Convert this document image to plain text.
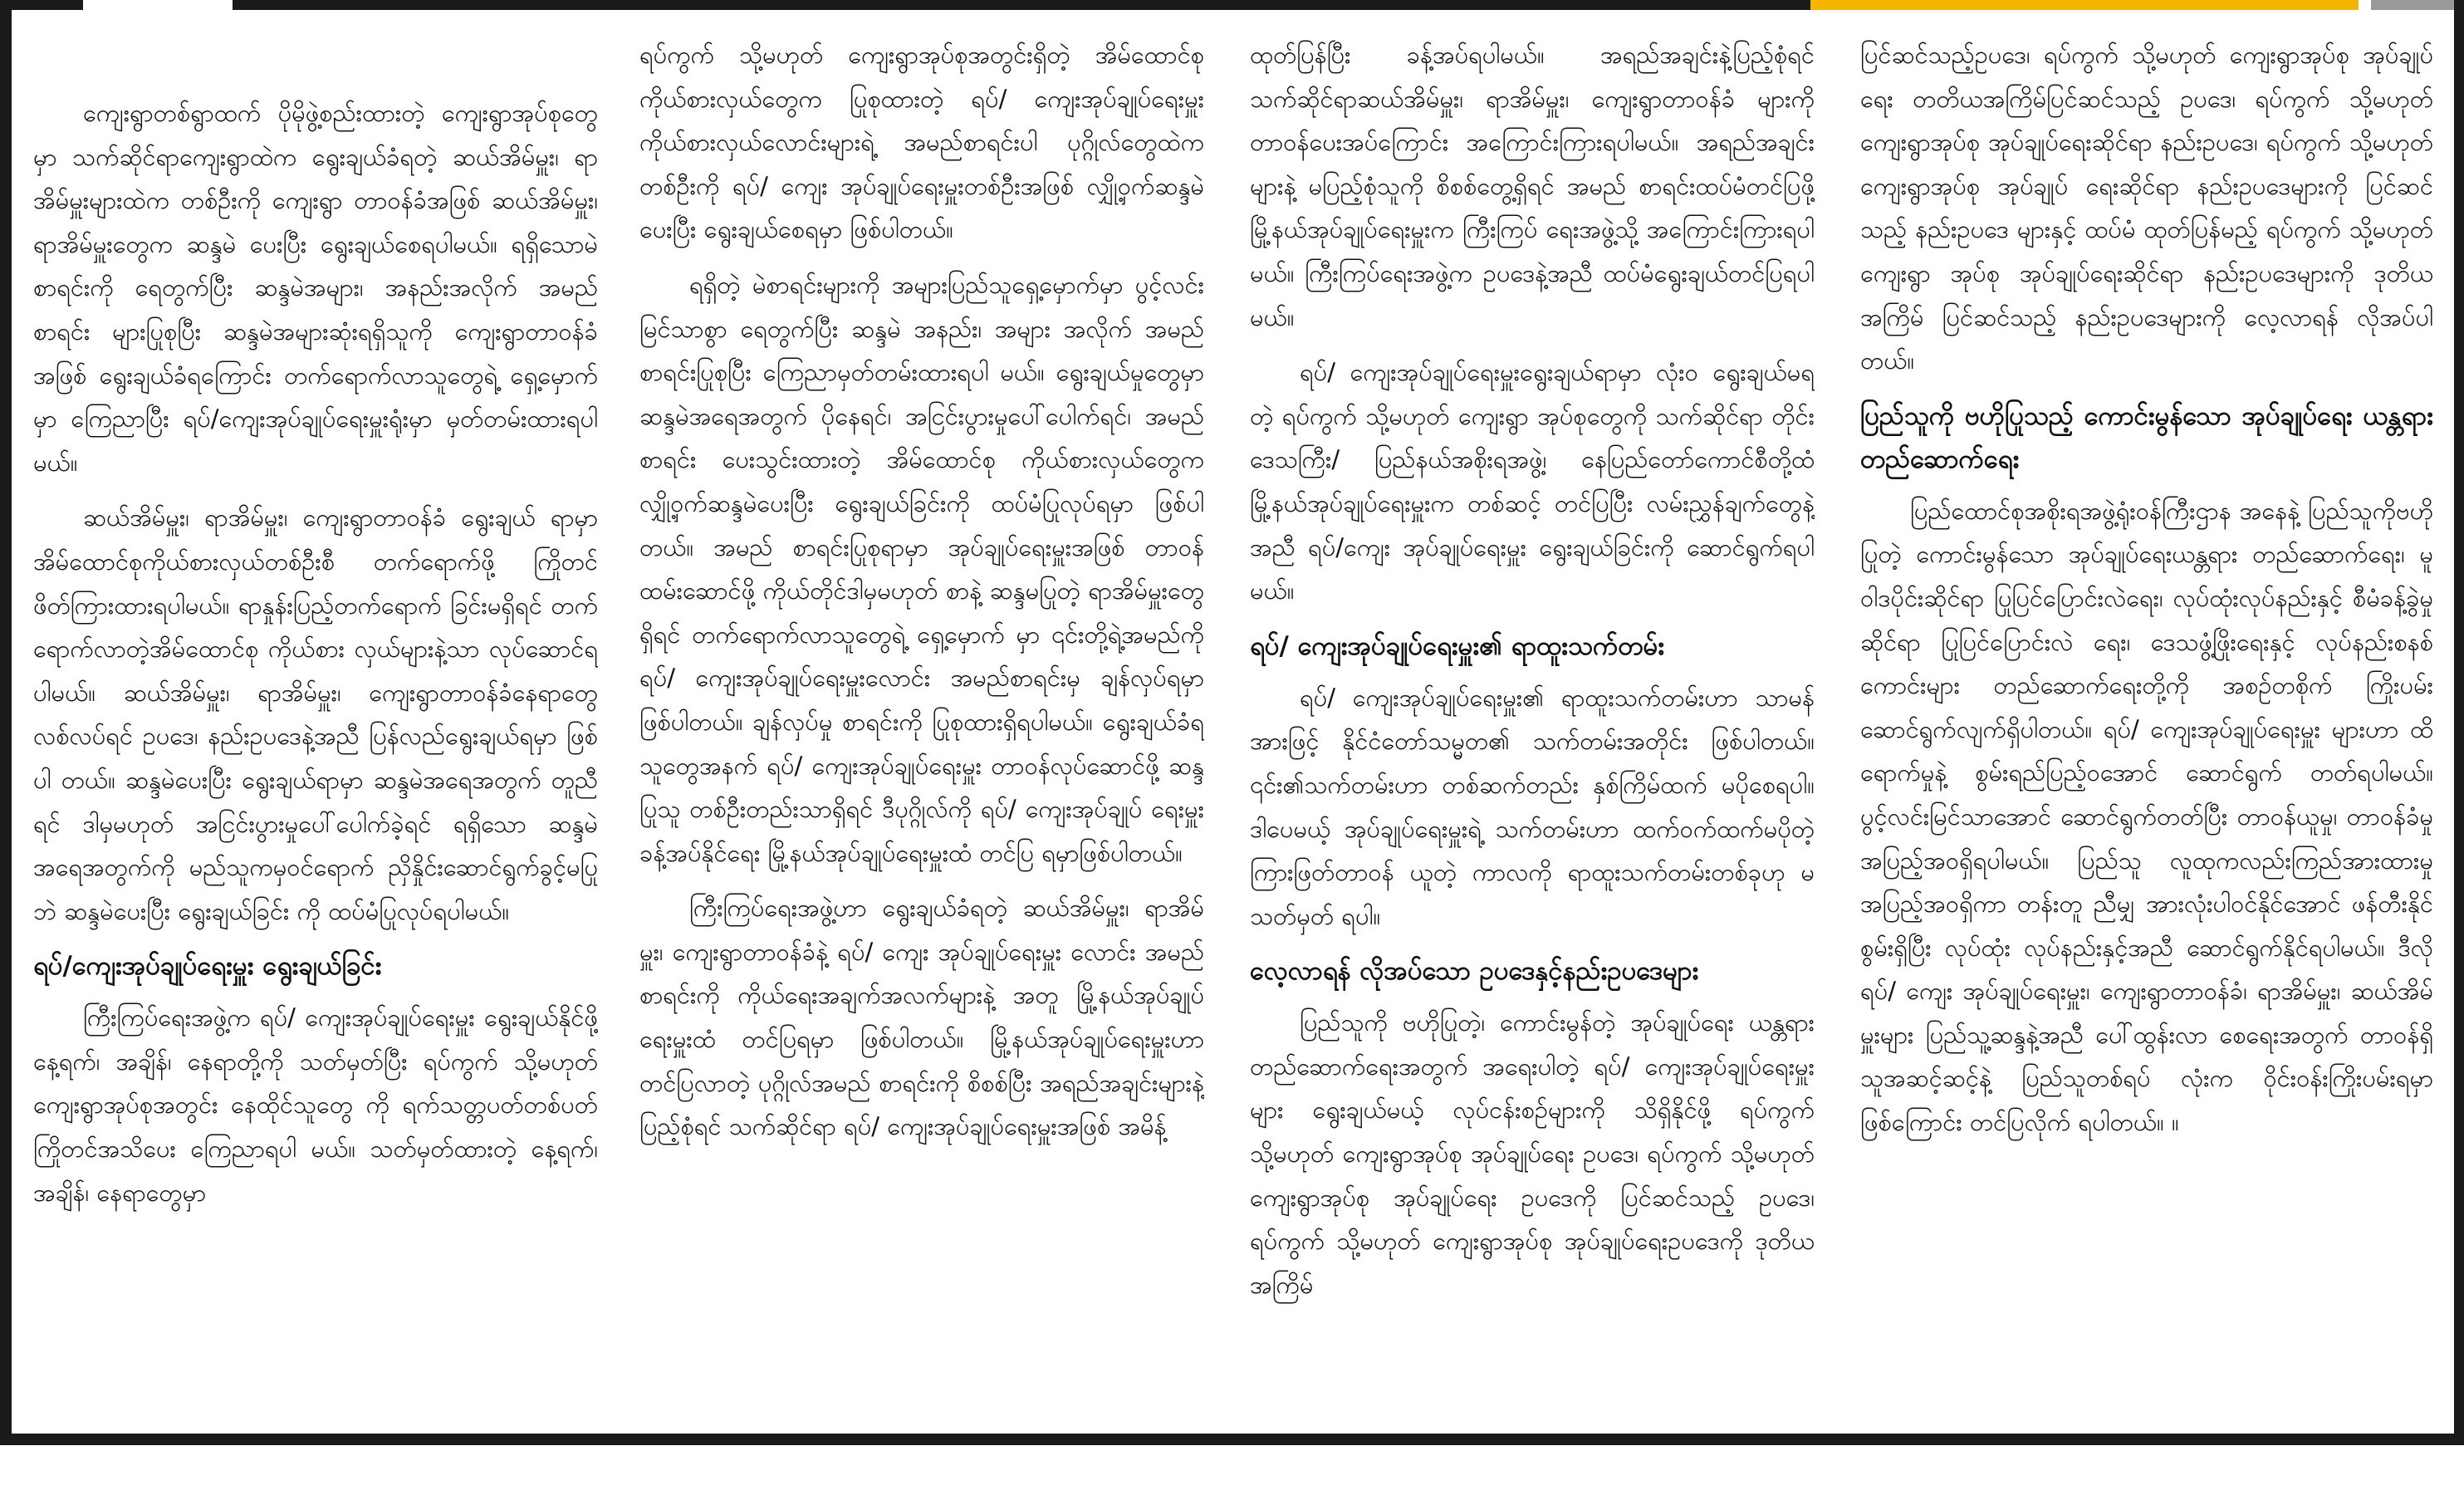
ကျေးရွာတစ်ရွာထက် ပိုမိုဖွဲ့စည်းထားတဲ့ ကျေးရွာအုပ်စုတွေမှာ သက်ဆိုင်ရာကျေးရွာထဲက ရွေးချယ်ခံရတဲ့ ဆယ်အိမ်မှူး၊ ရာအိမ်မှူးများထဲက တစ်ဦးကို ကျေးရွာ တာဝန်ခံအဖြစ် ဆယ်အိမ်မှူး၊ ရာအိမ်မှူးတွေက ဆန္ဒမဲ ပေးပြီး ရွေးချယ်စေရပါမယ်။ ရရှိသောမဲစာရင်းကို ရေတွက်ပြီး ဆန္ဒမဲအများ၊ အနည်းအလိုက် အမည်စာရင်း များပြုစုပြီး ဆန္ဒမဲအများဆုံးရရှိသူကို ကျေးရွာတာဝန်ခံ အဖြစ် ရွေးချယ်ခံရကြောင်း တက်ရောက်လာသူတွေရဲ့ ရှေ့မှောက်မှာ ကြေညာပြီး ရပ်/ကျေးအုပ်ချုပ်ရေးမှူးရုံးမှာ မှတ်တမ်းထားရပါမယ်။

ဆယ်အိမ်မှူး၊ ရာအိမ်မှူး၊ ကျေးရွာတာဝန်ခံ ရွေးချယ် ရာမှာ အိမ်ထောင်စုကိုယ်စားလှယ်တစ်ဦးစီ တက်ရောက်ဖို့ ကြိုတင်ဖိတ်ကြားထားရပါမယ်။ ရာနှုန်းပြည့်တက်ရောက် ခြင်းမရှိရင် တက်ရောက်လာတဲ့အိမ်ထောင်စု ကိုယ်စား လှယ်များနဲ့သာ လုပ်ဆောင်ရပါမယ်။ ဆယ်အိမ်မှူး၊ ရာအိမ်မှူး၊ ကျေးရွာတာဝန်ခံနေရာတွေ လစ်လပ်ရင် ဥပဒေ၊ နည်းဥပဒေနဲ့အညီ ပြန်လည်ရွေးချယ်ရမှာ ဖြစ်ပါ တယ်။ ဆန္ဒမဲပေးပြီး ရွေးချယ်ရာမှာ ဆန္ဒမဲအရေအတွက် တူညီရင် ဒါမှမဟုတ် အငြင်းပွားမှုပေါ်ပေါက်ခဲ့ရင် ရရှိသော ဆန္ဒမဲအရေအတွက်ကို မည်သူကမှဝင်ရောက် ညှိနှိုင်းဆောင်ရွက်ခွင့်မပြုဘဲ ဆန္ဒမဲပေးပြီး ရွေးချယ်ခြင်း ကို ထပ်မံပြုလုပ်ရပါမယ်။

ရပ်/ကျေးအုပ်ချုပ်ရေးမှူး ရွေးချယ်ခြင်း

ကြီးကြပ်ရေးအဖွဲ့က ရပ်/ ကျေးအုပ်ချုပ်ရေးမှူး ရွေးချယ်နိုင်ဖို့ နေ့ရက်၊ အချိန်၊ နေရာတို့ကို သတ်မှတ်ပြီး ရပ်ကွက် သို့မဟုတ် ကျေးရွာအုပ်စုအတွင်း နေထိုင်သူတွေ ကို ရက်သတ္တပတ်တစ်ပတ် ကြိုတင်အသိပေး ကြေညာရပါ မယ်။ သတ်မှတ်ထားတဲ့ နေ့ရက်၊ အချိန်၊ နေရာတွေမှာ

ရပ်ကွက် သို့မဟုတ် ကျေးရွာအုပ်စုအတွင်းရှိတဲ့ အိမ်ထောင်စုကိုယ်စားလှယ်တွေက ပြုစုထားတဲ့ ရပ်/ ကျေးအုပ်ချုပ်ရေးမှူး ကိုယ်စားလှယ်လောင်းများရဲ့ အမည်စာရင်းပါ ပုဂ္ဂိုလ်တွေထဲက တစ်ဦးကို ရပ်/ ကျေး အုပ်ချုပ်ရေးမှူးတစ်ဦးအဖြစ် လျှို့ဝှက်ဆန္ဒမဲပေးပြီး ရွေးချယ်စေရမှာ ဖြစ်ပါတယ်။

ရရှိတဲ့ မဲစာရင်းများကို အများပြည်သူရှေ့မှောက်မှာ ပွင့်လင်းမြင်သာစွာ ရေတွက်ပြီး ဆန္ဒမဲ အနည်း၊ အများ အလိုက် အမည်စာရင်းပြုစုပြီး ကြေညာမှတ်တမ်းထားရပါ မယ်။ ရွေးချယ်မှုတွေမှာ ဆန္ဒမဲအရေအတွက် ပိုနေရင်၊ အငြင်းပွားမှုပေါ်ပေါက်ရင်၊ အမည်စာရင်း ပေးသွင်းထားတဲ့ အိမ်ထောင်စု ကိုယ်စားလှယ်တွေက လျှို့ဝှက်ဆန္ဒမဲပေးပြီး ရွေးချယ်ခြင်းကို ထပ်မံပြုလုပ်ရမှာ ဖြစ်ပါတယ်။ အမည် စာရင်းပြုစုရာမှာ အုပ်ချုပ်ရေးမှူးအဖြစ် တာဝန် ထမ်းဆောင်ဖို့ ကိုယ်တိုင်ဒါမှမဟုတ် စာနဲ့ ဆန္ဒမပြုတဲ့ ရာအိမ်မှူးတွေရှိရင် တက်ရောက်လာသူတွေရဲ့ ရှေ့မှောက် မှာ ၎င်းတို့ရဲ့အမည်ကို ရပ်/ ကျေးအုပ်ချုပ်ရေးမှူးလောင်း အမည်စာရင်းမှ ချန်လှပ်ရမှာ ဖြစ်ပါတယ်။ ချန်လှပ်မှု စာရင်းကို ပြုစုထားရှိရပါမယ်။ ရွေးချယ်ခံရသူတွေအနက် ရပ်/ ကျေးအုပ်ချုပ်ရေးမှူး တာဝန်လုပ်ဆောင်ဖို့ ဆန္ဒပြုသူ တစ်ဦးတည်းသာရှိရင် ဒီပုဂ္ဂိုလ်ကို ရပ်/ ကျေးအုပ်ချုပ် ရေးမှူး ခန့်အပ်နိုင်ရေး မြို့နယ်အုပ်ချုပ်ရေးမှူးထံ တင်ပြ ရမှာဖြစ်ပါတယ်။

ကြီးကြပ်ရေးအဖွဲ့ဟာ ရွေးချယ်ခံရတဲ့ ဆယ်အိမ်မှူး၊ ရာအိမ်မှူး၊ ကျေးရွာတာဝန်ခံနဲ့ ရပ်/ ကျေး အုပ်ချုပ်ရေးမှူး လောင်း အမည်စာရင်းကို ကိုယ်ရေးအချက်အလက်များနဲ့ အတူ မြို့နယ်အုပ်ချုပ်ရေးမှူးထံ တင်ပြရမှာ ဖြစ်ပါတယ်။ မြို့နယ်အုပ်ချုပ်ရေးမှူးဟာ တင်ပြလာတဲ့ ပုဂ္ဂိုလ်အမည် စာရင်းကို စိစစ်ပြီး အရည်အချင်းများနဲ့ ပြည့်စုံရင် သက်ဆိုင်ရာ ရပ်/ ကျေးအုပ်ချုပ်ရေးမှူးအဖြစ် အမိန့်

ထုတ်ပြန်ပြီး ခန့်အပ်ရပါမယ်။ အရည်အချင်းနဲ့ပြည့်စုံရင် သက်ဆိုင်ရာဆယ်အိမ်မှူး၊ ရာအိမ်မှူး၊ ကျေးရွာတာဝန်ခံ များကို တာဝန်ပေးအပ်ကြောင်း အကြောင်းကြားရပါမယ်။ အရည်အချင်းများနဲ့ မပြည့်စုံသူကို စိစစ်တွေ့ရှိရင် အမည် စာရင်းထပ်မံတင်ပြဖို့ မြို့နယ်အုပ်ချုပ်ရေးမှူးက ကြီးကြပ် ရေးအဖွဲ့သို့ အကြောင်းကြားရပါမယ်။ ကြီးကြပ်ရေးအဖွဲ့က ဥပဒေနဲ့အညီ ထပ်မံရွေးချယ်တင်ပြရပါမယ်။

ရပ်/ ကျေးအုပ်ချုပ်ရေးမှူးရွေးချယ်ရာမှာ လုံးဝ ရွေးချယ်မရတဲ့ ရပ်ကွက် သို့မဟုတ် ကျေးရွာ အုပ်စုတွေကို သက်ဆိုင်ရာ တိုင်းဒေသကြီး/ ပြည်နယ်အစိုးရအဖွဲ့၊ နေပြည်တော်ကောင်စီတို့ထံ မြို့နယ်အုပ်ချုပ်ရေးမှူးက တစ်ဆင့် တင်ပြပြီး လမ်းညွှန်ချက်တွေနဲ့အညီ ရပ်/ကျေး အုပ်ချုပ်ရေးမှူး ရွေးချယ်ခြင်းကို ဆောင်ရွက်ရပါမယ်။

ရပ်/ ကျေးအုပ်ချုပ်ရေးမှူး၏ ရာထူးသက်တမ်း

ရပ်/ ကျေးအုပ်ချုပ်ရေးမှူး၏ ရာထူးသက်တမ်းဟာ သာမန်အားဖြင့် နိုင်ငံတော်သမ္မတ၏ သက်တမ်းအတိုင်း ဖြစ်ပါတယ်။ ၎င်း၏သက်တမ်းဟာ တစ်ဆက်တည်း နှစ်ကြိမ်ထက် မပိုစေရပါ။ ဒါပေမယ့် အုပ်ချုပ်ရေးမှူးရဲ့ သက်တမ်းဟာ ထက်ဝက်ထက်မပိုတဲ့ ကြားဖြတ်တာဝန် ယူတဲ့ ကာလကို ရာထူးသက်တမ်းတစ်ခုဟု မသတ်မှတ် ရပါ။

လေ့လာရန် လိုအပ်သော ဥပဒေနှင့်နည်းဥပဒေများ

ပြည်သူကို ဗဟိုပြုတဲ့၊ ကောင်းမွန်တဲ့ အုပ်ချုပ်ရေး ယန္တရား တည်ဆောက်ရေးအတွက် အရေးပါတဲ့ ရပ်/ ကျေးအုပ်ချုပ်ရေးမှူးများ ရွေးချယ်မယ့် လုပ်ငန်းစဉ်များကို သိရှိနိုင်ဖို့ ရပ်ကွက် သို့မဟုတ် ကျေးရွာအုပ်စု အုပ်ချုပ်ရေး ဥပဒေ၊ ရပ်ကွက် သို့မဟုတ် ကျေးရွာအုပ်စု အုပ်ချုပ်ရေး ဥပဒေကို ပြင်ဆင်သည့် ဥပဒေ၊ ရပ်ကွက် သို့မဟုတ် ကျေးရွာအုပ်စု အုပ်ချုပ်ရေးဥပဒေကို ဒုတိယအကြိမ်

ပြင်ဆင်သည့်ဥပဒေ၊ ရပ်ကွက် သို့မဟုတ် ကျေးရွာအုပ်စု အုပ်ချုပ်ရေး တတိယအကြိမ်ပြင်ဆင်သည့် ဥပဒေ၊ ရပ်ကွက် သို့မဟုတ် ကျေးရွာအုပ်စု အုပ်ချုပ်ရေးဆိုင်ရာ နည်းဥပဒေ၊ ရပ်ကွက် သို့မဟုတ် ကျေးရွာအုပ်စု အုပ်ချုပ် ရေးဆိုင်ရာ နည်းဥပဒေများကို ပြင်ဆင်သည့် နည်းဥပဒေ များနှင့် ထပ်မံ ထုတ်ပြန်မည့် ရပ်ကွက် သို့မဟုတ် ကျေးရွာ အုပ်စု အုပ်ချုပ်ရေးဆိုင်ရာ နည်းဥပဒေများကို ဒုတိယ အကြိမ် ပြင်ဆင်သည့် နည်းဥပဒေများကို လေ့လာရန် လိုအပ်ပါတယ်။

ပြည်သူကို ဗဟိုပြုသည့် ကောင်းမွန်သော အုပ်ချုပ်ရေး ယန္တရားတည်ဆောက်ရေး

ပြည်ထောင်စုအစိုးရအဖွဲ့ရုံးဝန်ကြီးဌာန အနေနဲ့ ပြည်သူကိုဗဟိုပြုတဲ့ ကောင်းမွန်သော အုပ်ချုပ်ရေးယန္တရား တည်ဆောက်ရေး၊ မူဝါဒပိုင်းဆိုင်ရာ ပြုပြင်ပြောင်းလဲရေး၊ လုပ်ထုံးလုပ်နည်းနှင့် စီမံခန့်ခွဲမှုဆိုင်ရာ ပြုပြင်ပြောင်းလဲ ရေး၊ ဒေသဖွံ့ဖြိုးရေးနှင့် လုပ်နည်းစနစ်ကောင်းများ တည်ဆောက်ရေးတို့ကို အစဉ်တစိုက် ကြိုးပမ်း ဆောင်ရွက်လျက်ရှိပါတယ်။ ရပ်/ ကျေးအုပ်ချုပ်ရေးမှူး များဟာ ထိရောက်မှုနဲ့ စွမ်းရည်ပြည့်ဝအောင် ဆောင်ရွက် တတ်ရပါမယ်။ ပွင့်လင်းမြင်သာအောင် ဆောင်ရွက်တတ်ပြီး တာဝန်ယူမှု၊ တာဝန်ခံမှု အပြည့်အဝရှိရပါမယ်။ ပြည်သူ လူထုကလည်းကြည်အားထားမှု အပြည့်အဝရှိကာ တန်းတူ ညီမျှ အားလုံးပါဝင်နိုင်အောင် ဖန်တီးနိုင်စွမ်းရှိပြီး လုပ်ထုံး လုပ်နည်းနှင့်အညီ ဆောင်ရွက်နိုင်ရပါမယ်။ ဒီလို ရပ်/ ကျေး အုပ်ချုပ်ရေးမှူး၊ ကျေးရွာတာဝန်ခံ၊ ရာအိမ်မှူး၊ ဆယ်အိမ်မှူးများ ပြည်သူ့ဆန္ဒနဲ့အညီ ပေါ်ထွန်းလာ စေရေးအတွက် တာဝန်ရှိသူအဆင့်ဆင့်နဲ့ ပြည်သူတစ်ရပ် လုံးက ဝိုင်းဝန်းကြိုးပမ်းရမှာဖြစ်ကြောင်း တင်ပြလိုက် ရပါတယ်။ ။
